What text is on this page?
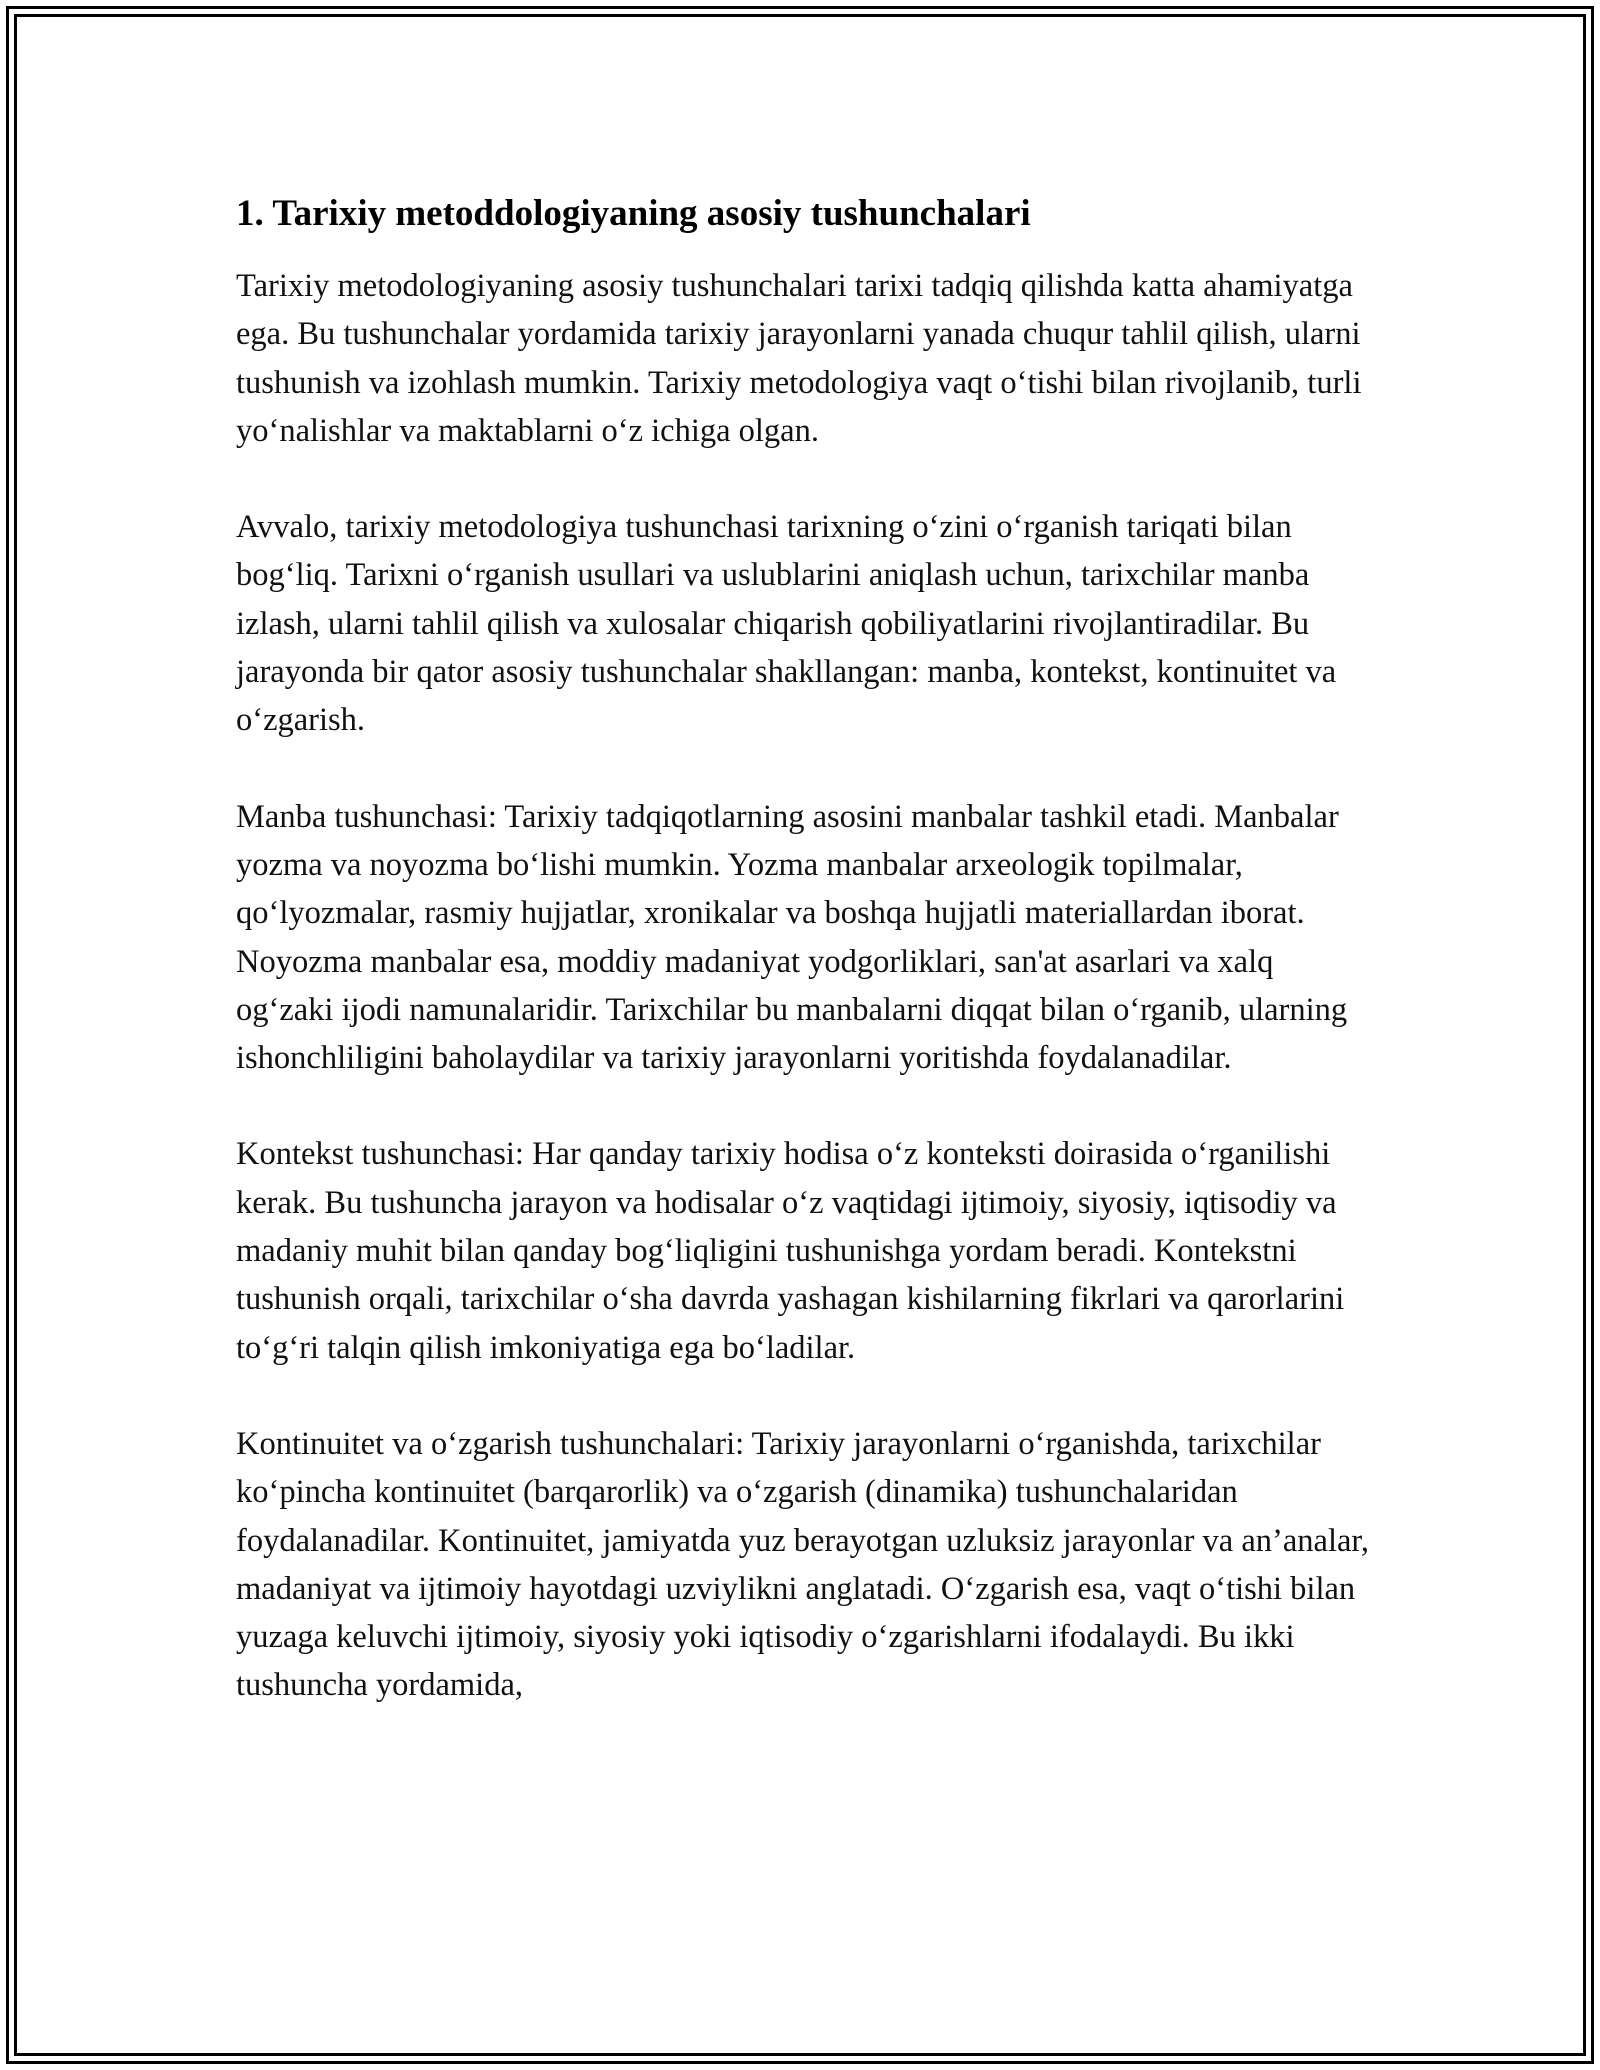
1. Tarixiy metoddologiyaning asosiy tushunchalari

Tarixiy metodologiyaning asosiy tushunchalari tarixi tadqiq qilishda katta ahamiyatga ega. Bu tushunchalar yordamida tarixiy jarayonlarni yanada chuqur tahlil qilish, ularni tushunish va izohlash mumkin. Tarixiy metodologiya vaqt o‘tishi bilan rivojlanib, turli yo‘nalishlar va maktablarni o‘z ichiga olgan.

Avvalo, tarixiy metodologiya tushunchasi tarixning o‘zini o‘rganish tariqati bilan bog‘liq. Tarixni o‘rganish usullari va uslublarini aniqlash uchun, tarixchilar manba izlash, ularni tahlil qilish va xulosalar chiqarish qobiliyatlarini rivojlantiradilar. Bu jarayonda bir qator asosiy tushunchalar shakllangan: manba, kontekst, kontinuitet va o‘zgarish.

Manba tushunchasi: Tarixiy tadqiqotlarning asosini manbalar tashkil etadi. Manbalar yozma va noyozma bo‘lishi mumkin. Yozma manbalar arxeologik topilmalar, qo‘lyozmalar, rasmiy hujjatlar, xronikalar va boshqa hujjatli materiallardan iborat. Noyozma manbalar esa, moddiy madaniyat yodgorliklari, san'at asarlari va xalq og‘zaki ijodi namunalaridir. Tarixchilar bu manbalarni diqqat bilan o‘rganib, ularning ishonchliligini baholaydilar va tarixiy jarayonlarni yoritishda foydalanadilar.

Kontekst tushunchasi: Har qanday tarixiy hodisa o‘z konteksti doirasida o‘rganilishi kerak. Bu tushuncha jarayon va hodisalar o‘z vaqtidagi ijtimoiy, siyosiy, iqtisodiy va madaniy muhit bilan qanday bog‘liqligini tushunishga yordam beradi. Kontekstni tushunish orqali, tarixchilar o‘sha davrda yashagan kishilarning fikrlari va qarorlarini to‘g‘ri talqin qilish imkoniyatiga ega bo‘ladilar.

Kontinuitet va o‘zgarish tushunchalari: Tarixiy jarayonlarni o‘rganishda, tarixchilar ko‘pincha kontinuitet (barqarorlik) va o‘zgarish (dinamika) tushunchalaridan foydalanadilar. Kontinuitet, jamiyatda yuz berayotgan uzluksiz jarayonlar va an’analar, madaniyat va ijtimoiy hayotdagi uzviylikni anglatadi. O‘zgarish esa, vaqt o‘tishi bilan yuzaga keluvchi ijtimoiy, siyosiy yoki iqtisodiy o‘zgarishlarni ifodalaydi. Bu ikki tushuncha yordamida,
